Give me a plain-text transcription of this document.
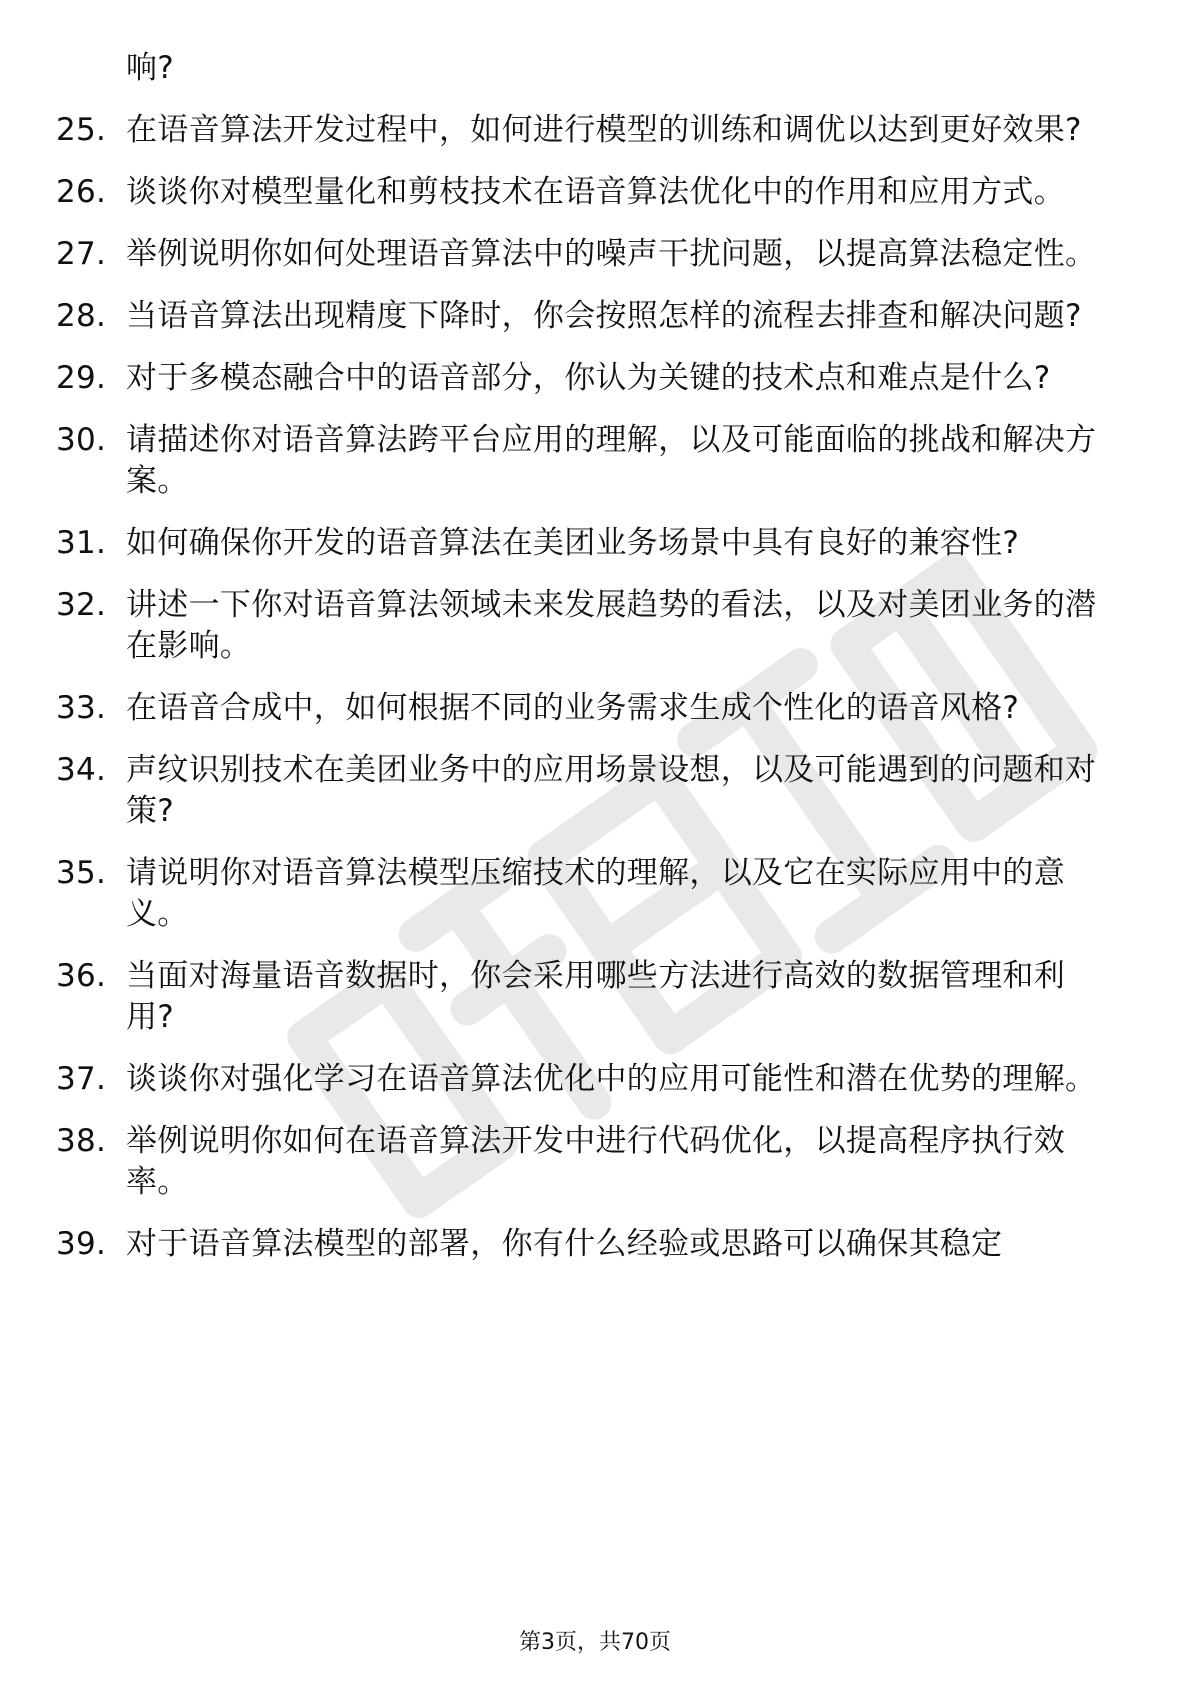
响?
25. 在语音算法开发过程中，如何进行模型的训练和调优以达到更好效果?
26. 谈谈你对模型量化和剪枝技术在语音算法优化中的作用和应用方式。
27. 举例说明你如何处理语音算法中的噪声干扰问题，以提高算法稳定性。
28. 当语音算法出现精度下降时，你会按照怎样的流程去排查和解决问题?
29. 对于多模态融合中的语音部分，你认为关键的技术点和难点是什么?
30. 请描述你对语音算法跨平台应用的理解，以及可能面临的挑战和解决方案。
31. 如何确保你开发的语音算法在美团业务场景中具有良好的兼容性?
32. 讲述一下你对语音算法领域未来发展趋势的看法，以及对美团业务的潜在影响。
33. 在语音合成中，如何根据不同的业务需求生成个性化的语音风格?
34. 声纹识别技术在美团业务中的应用场景设想，以及可能遇到的问题和对策?
35. 请说明你对语音算法模型压缩技术的理解，以及它在实际应用中的意义。
36. 当面对海量语音数据时，你会采用哪些方法进行高效的数据管理和利用?
37. 谈谈你对强化学习在语音算法优化中的应用可能性和潜在优势的理解。
38. 举例说明你如何在语音算法开发中进行代码优化，以提高程序执行效率。
39. 对于语音算法模型的部署，你有什么经验或思路可以确保其稳定
第3页，共70页
